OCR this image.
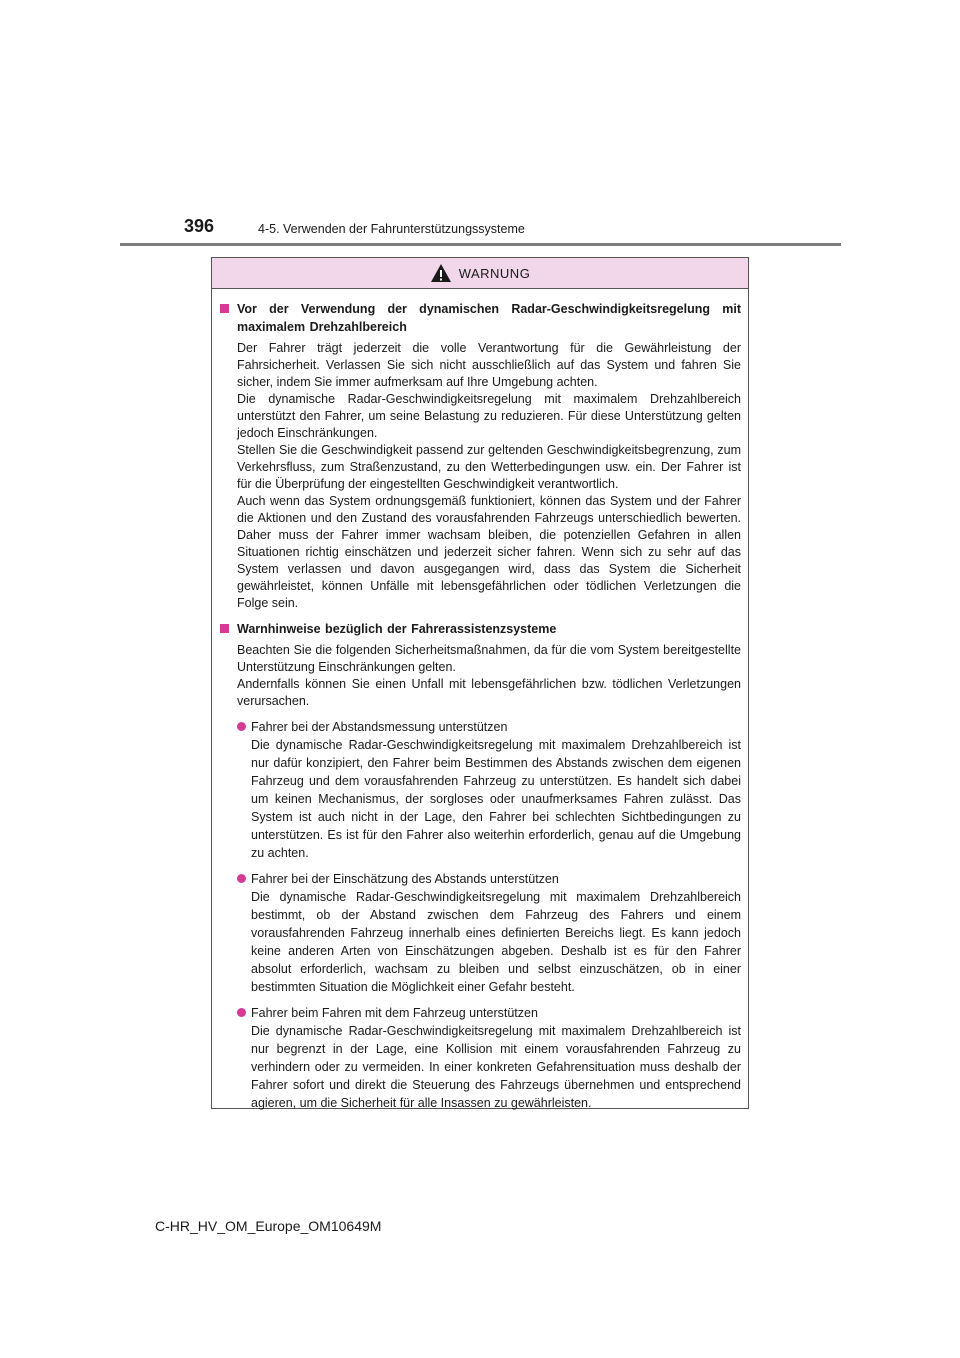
396	4-5. Verwenden der Fahrunterstützungssysteme
WARNUNG
Vor der Verwendung der dynamischen Radar-Geschwindigkeitsregelung mit maximalem Drehzahlbereich
Der Fahrer trägt jederzeit die volle Verantwortung für die Gewährleistung der Fahrsicherheit. Verlassen Sie sich nicht ausschließlich auf das System und fahren Sie sicher, indem Sie immer aufmerksam auf Ihre Umgebung achten.
Die dynamische Radar-Geschwindigkeitsregelung mit maximalem Drehzahlbereich unterstützt den Fahrer, um seine Belastung zu reduzieren. Für diese Unterstützung gelten jedoch Einschränkungen.
Stellen Sie die Geschwindigkeit passend zur geltenden Geschwindigkeitsbegrenzung, zum Verkehrsfluss, zum Straßenzustand, zu den Wetterbedingungen usw. ein. Der Fahrer ist für die Überprüfung der eingestellten Geschwindigkeit verantwortlich.
Auch wenn das System ordnungsgemäß funktioniert, können das System und der Fahrer die Aktionen und den Zustand des vorausfahrenden Fahrzeugs unterschiedlich bewerten. Daher muss der Fahrer immer wachsam bleiben, die potenziellen Gefahren in allen Situationen richtig einschätzen und jederzeit sicher fahren. Wenn sich zu sehr auf das System verlassen und davon ausgegangen wird, dass das System die Sicherheit gewährleistet, können Unfälle mit lebensgefährlichen oder tödlichen Verletzungen die Folge sein.
Warnhinweise bezüglich der Fahrerassistenzsysteme
Beachten Sie die folgenden Sicherheitsmaßnahmen, da für die vom System bereitgestellte Unterstützung Einschränkungen gelten.
Andernfalls können Sie einen Unfall mit lebensgefährlichen bzw. tödlichen Verletzungen verursachen.
Fahrer bei der Abstandsmessung unterstützen
Die dynamische Radar-Geschwindigkeitsregelung mit maximalem Drehzahlbereich ist nur dafür konzipiert, den Fahrer beim Bestimmen des Abstands zwischen dem eigenen Fahrzeug und dem vorausfahrenden Fahrzeug zu unterstützen. Es handelt sich dabei um keinen Mechanismus, der sorgloses oder unaufmerksames Fahren zulässt. Das System ist auch nicht in der Lage, den Fahrer bei schlechten Sichtbedingungen zu unterstützen. Es ist für den Fahrer also weiterhin erforderlich, genau auf die Umgebung zu achten.
Fahrer bei der Einschätzung des Abstands unterstützen
Die dynamische Radar-Geschwindigkeitsregelung mit maximalem Drehzahlbereich bestimmt, ob der Abstand zwischen dem Fahrzeug des Fahrers und einem vorausfahrenden Fahrzeug innerhalb eines definierten Bereichs liegt. Es kann jedoch keine anderen Arten von Einschätzungen abgeben. Deshalb ist es für den Fahrer absolut erforderlich, wachsam zu bleiben und selbst einzuschätzen, ob in einer bestimmten Situation die Möglichkeit einer Gefahr besteht.
Fahrer beim Fahren mit dem Fahrzeug unterstützen
Die dynamische Radar-Geschwindigkeitsregelung mit maximalem Drehzahlbereich ist nur begrenzt in der Lage, eine Kollision mit einem vorausfahrenden Fahrzeug zu verhindern oder zu vermeiden. In einer konkreten Gefahrensituation muss deshalb der Fahrer sofort und direkt die Steuerung des Fahrzeugs übernehmen und entsprechend agieren, um die Sicherheit für alle Insassen zu gewährleisten.
C-HR_HV_OM_Europe_OM10649M
